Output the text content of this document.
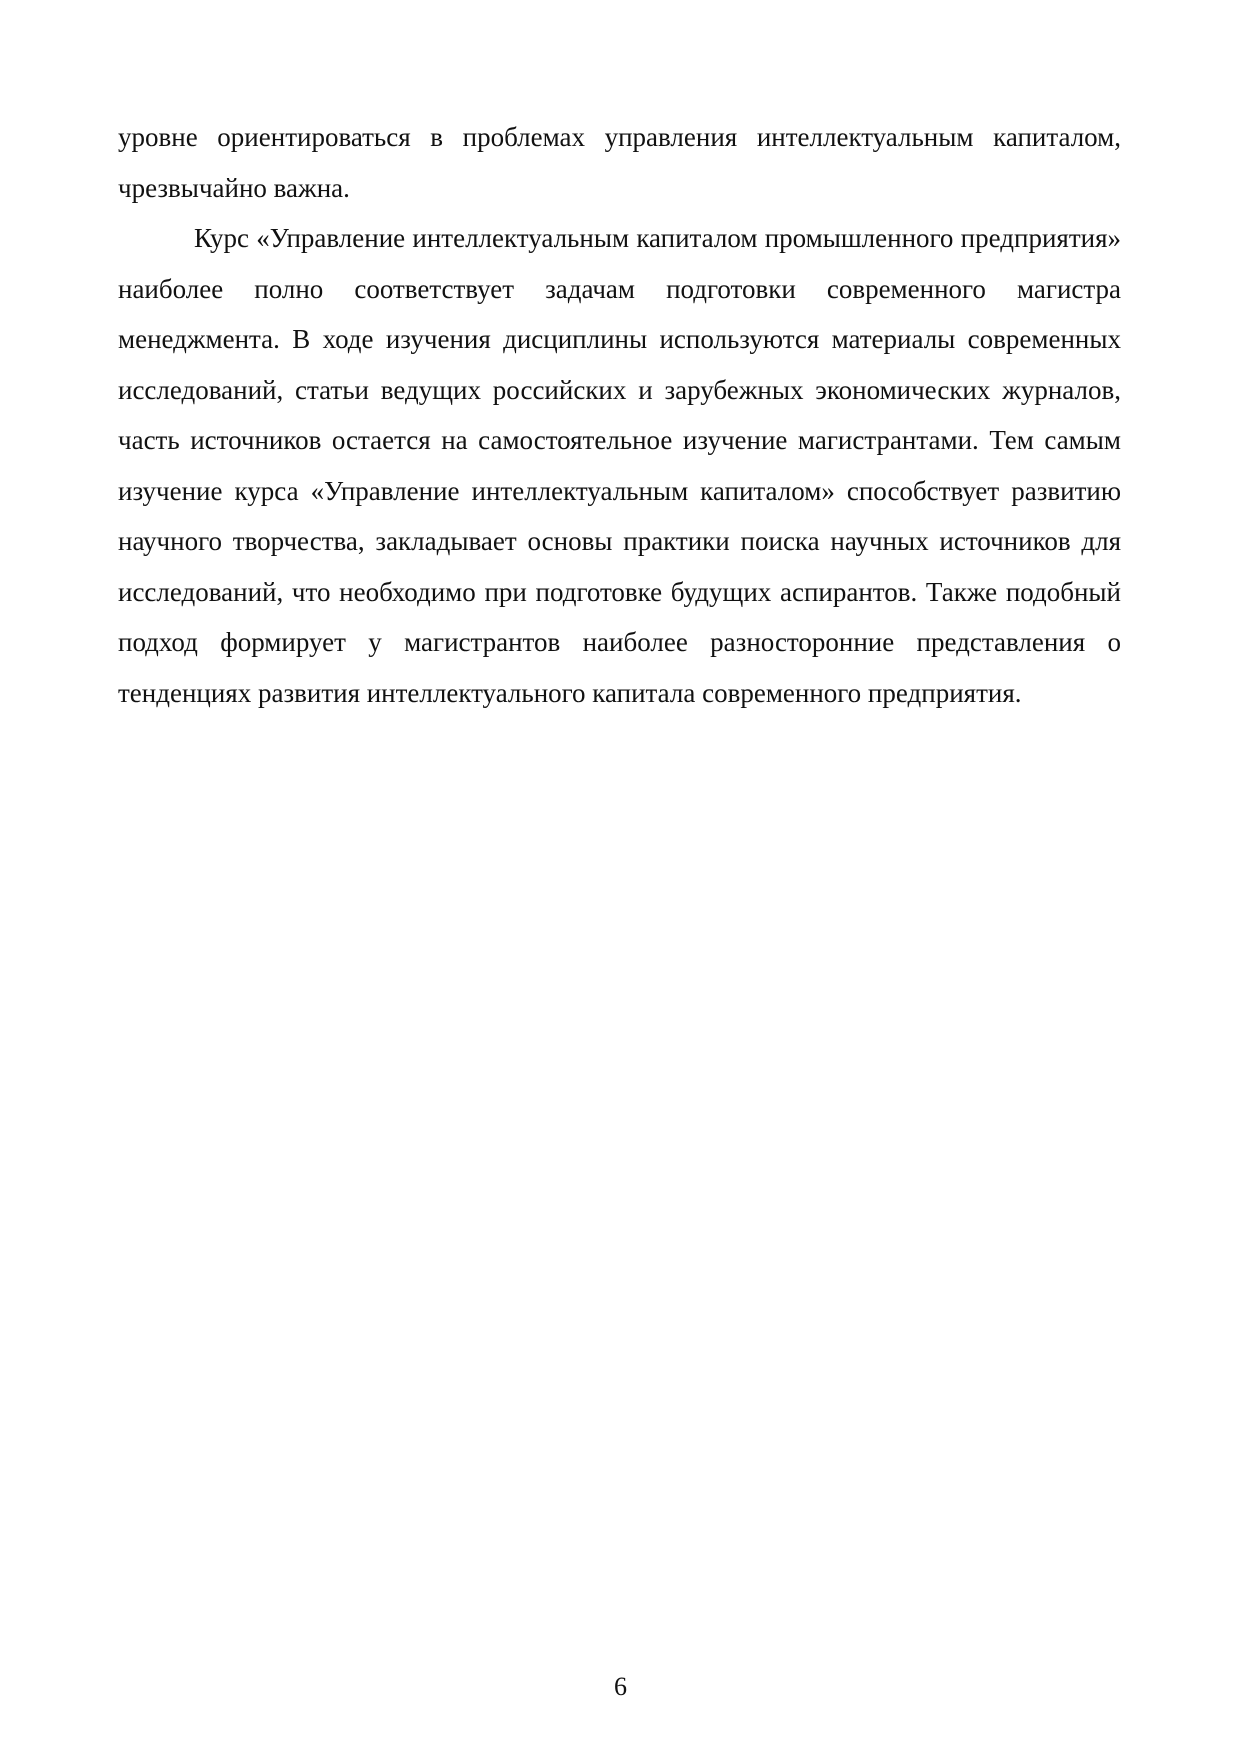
уровне ориентироваться в проблемах управления интеллектуальным капиталом, чрезвычайно важна.

Курс «Управление интеллектуальным капиталом промышленного предприятия» наиболее полно соответствует задачам подготовки современного магистра менеджмента. В ходе изучения дисциплины используются материалы современных исследований, статьи ведущих российских и зарубежных экономических журналов, часть источников остается на самостоятельное изучение магистрантами. Тем самым изучение курса «Управление интеллектуальным капиталом» способствует развитию научного творчества, закладывает основы практики поиска научных источников для исследований, что необходимо при подготовке будущих аспирантов. Также подобный подход формирует у магистрантов наиболее разносторонние представления о тенденциях развития интеллектуального капитала современного предприятия.

6
